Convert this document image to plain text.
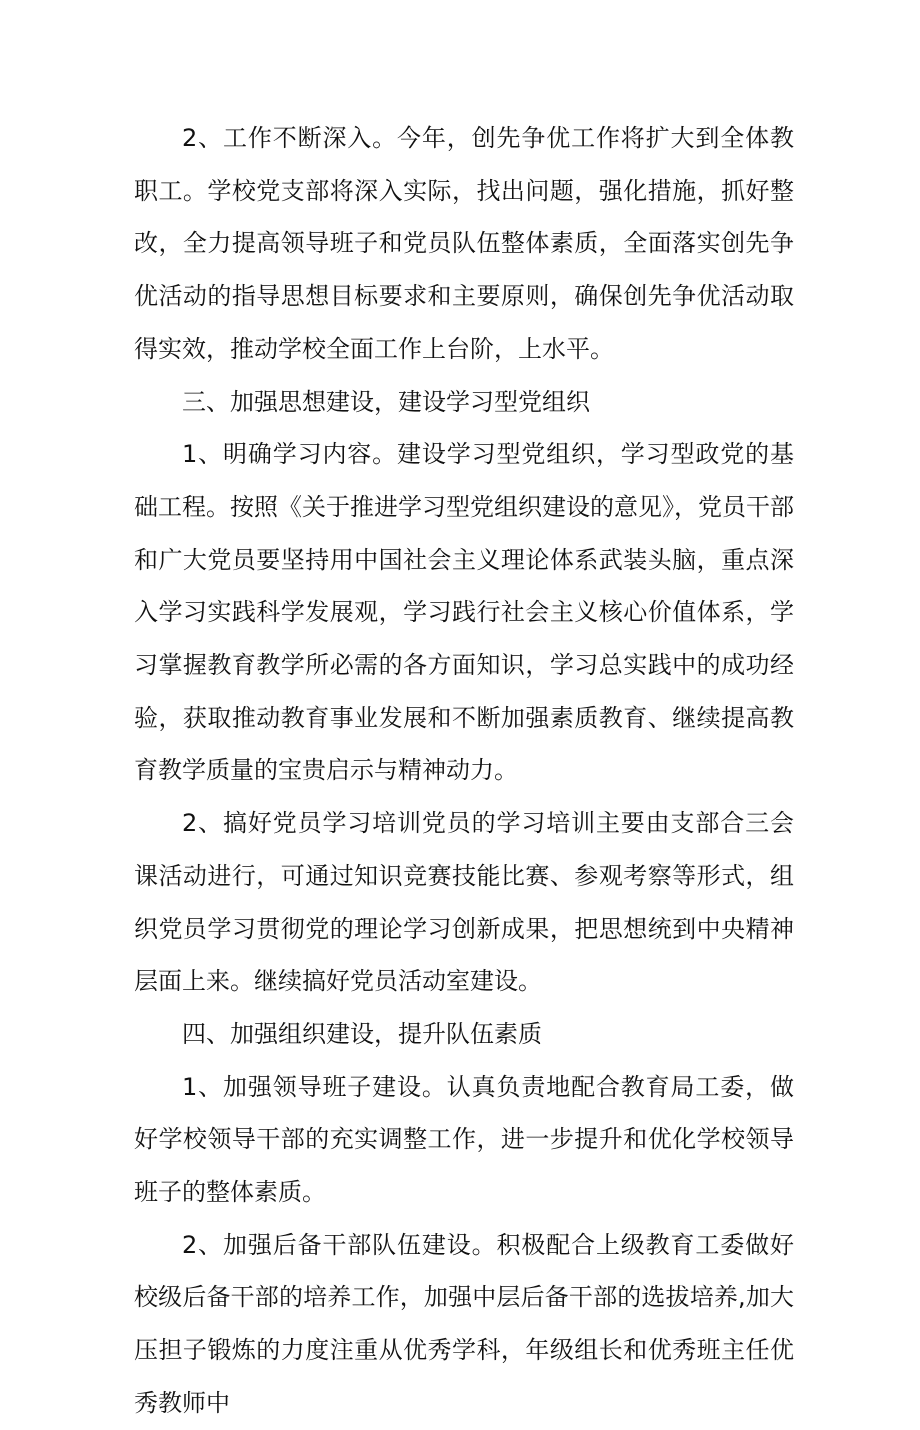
2、工作不断深入。今年，创先争优工作将扩大到全体教职工。学校党支部将深入实际，找出问题，强化措施，抓好整改，全力提高领导班子和党员队伍整体素质，全面落实创先争优活动的指导思想目标要求和主要原则，确保创先争优活动取得实效，推动学校全面工作上台阶，上水平。

三、加强思想建设，建设学习型党组织

1、明确学习内容。建设学习型党组织，学习型政党的基础工程。按照《关于推进学习型党组织建设的意见》，党员干部和广大党员要坚持用中国社会主义理论体系武装头脑，重点深入学习实践科学发展观，学习践行社会主义核心价值体系，学习掌握教育教学所必需的各方面知识，学习总实践中的成功经验，获取推动教育事业发展和不断加强素质教育、继续提高教育教学质量的宝贵启示与精神动力。

2、搞好党员学习培训党员的学习培训主要由支部合三会课活动进行，可通过知识竞赛技能比赛、参观考察等形式，组织党员学习贯彻党的理论学习创新成果，把思想统到中央精神层面上来。继续搞好党员活动室建设。

四、加强组织建设，提升队伍素质

1、加强领导班子建设。认真负责地配合教育局工委，做好学校领导干部的充实调整工作，进一步提升和优化学校领导班子的整体素质。

2、加强后备干部队伍建设。积极配合上级教育工委做好校级后备干部的培养工作，加强中层后备干部的选拔培养,加大压担子锻炼的力度注重从优秀学科，年级组长和优秀班主任优秀教师中
